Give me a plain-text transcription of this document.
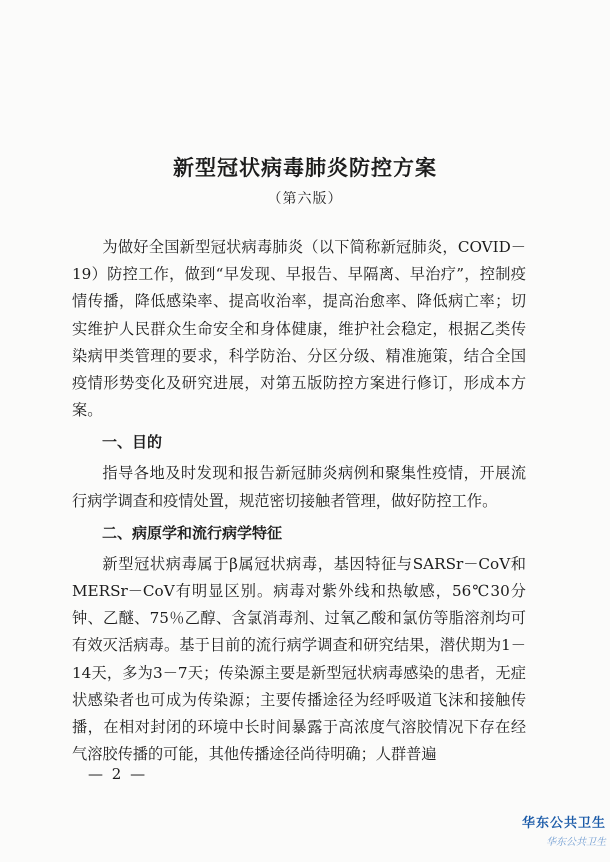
新型冠状病毒肺炎防控方案
（第六版）

为做好全国新型冠状病毒肺炎（以下简称新冠肺炎，COVID－19）防控工作，做到“早发现、早报告、早隔离、早治疗”，控制疫情传播，降低感染率、提高收治率，提高治愈率、降低病亡率；切实维护人民群众生命安全和身体健康，维护社会稳定，根据乙类传染病甲类管理的要求，科学防治、分区分级、精准施策，结合全国疫情形势变化及研究进展，对第五版防控方案进行修订，形成本方案。

一、目的

指导各地及时发现和报告新冠肺炎病例和聚集性疫情，开展流行病学调查和疫情处置，规范密切接触者管理，做好防控工作。

二、病原学和流行病学特征

新型冠状病毒属于β属冠状病毒，基因特征与SARSr－CoV和MERSr－CoV有明显区别。病毒对紫外线和热敏感，56℃30分钟、乙醚、75％乙醇、含氯消毒剂、过氧乙酸和氯仿等脂溶剂均可有效灭活病毒。基于目前的流行病学调查和研究结果，潜伏期为1－14天，多为3－7天；传染源主要是新型冠状病毒感染的患者，无症状感染者也可成为传染源；主要传播途径为经呼吸道飞沫和接触传播，在相对封闭的环境中长时间暴露于高浓度气溶胶情况下存在经气溶胶传播的可能，其他传播途径尚待明确；人群普遍

— 2 —
华东公共卫生
华东公共卫生
